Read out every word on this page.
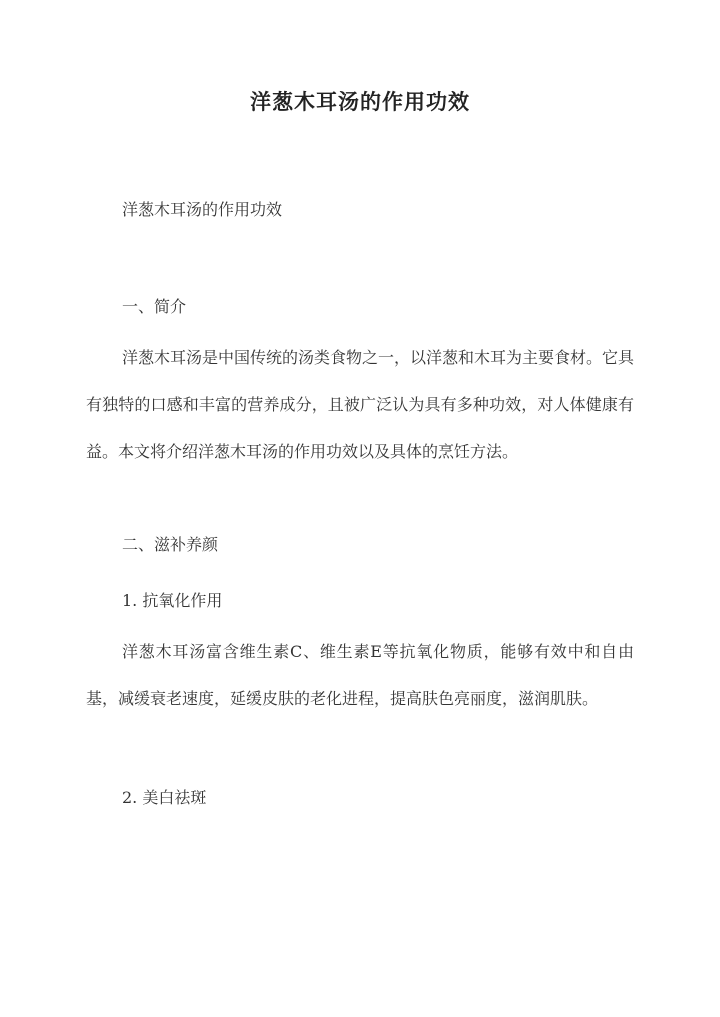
洋葱木耳汤的作用功效
洋葱木耳汤的作用功效
一、简介

洋葱木耳汤是中国传统的汤类食物之一，以洋葱和木耳为主要食材。它具有独特的口感和丰富的营养成分，且被广泛认为具有多种功效，对人体健康有益。本文将介绍洋葱木耳汤的作用功效以及具体的烹饪方法。

二、滋补养颜
1. 抗氧化作用

洋葱木耳汤富含维生素C、维生素E等抗氧化物质，能够有效中和自由基，减缓衰老速度，延缓皮肤的老化进程，提高肤色亮丽度，滋润肌肤。

2. 美白祛斑
